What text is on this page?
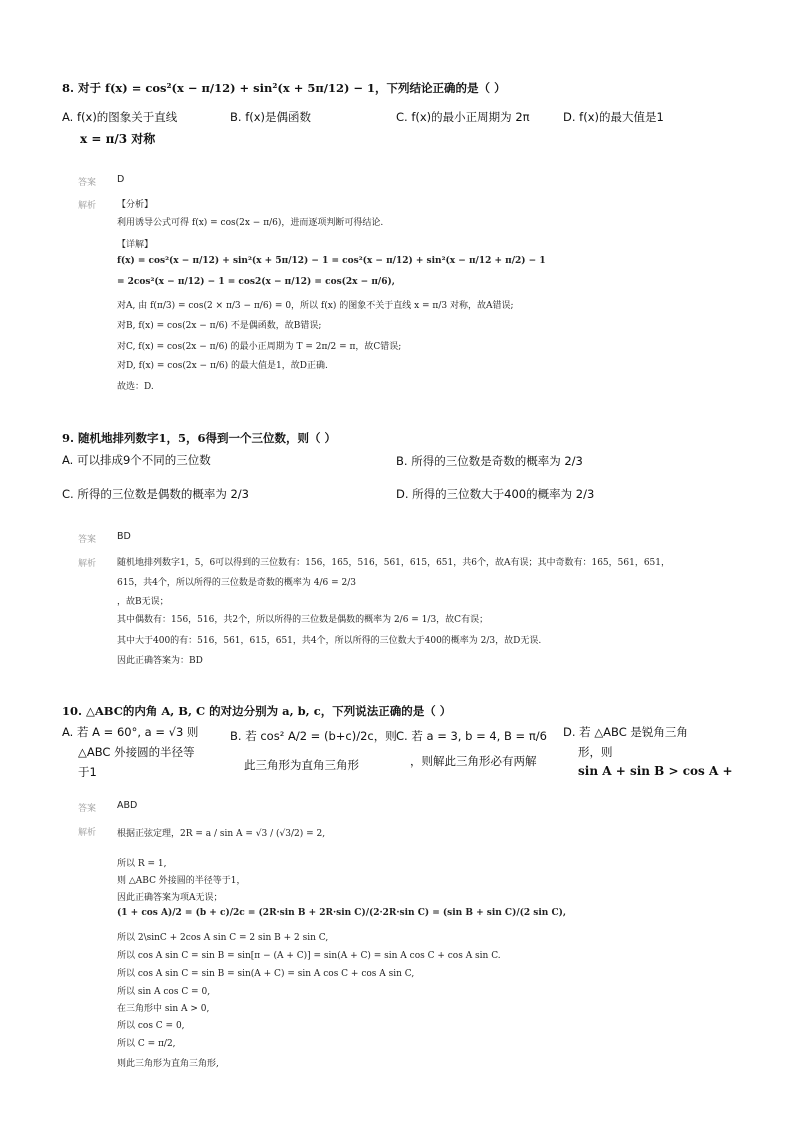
8. 对于 f(x) = cos²(x − π/12) + sin²(x + 5π/12) − 1，下列结论正确的是（ ）
A. f(x)的图象关于直线
x = π/3 对称
B. f(x)是偶函数	C. f(x)的最小正周期为 2π	D. f(x)的最大值是1
答案 D
解析 【分析】
利用诱导公式可得 f(x) = cos(2x − π/6)，进而逐项判断可得结论.
【详解】
f(x) = cos²(x − π/12) + sin²(x + 5π/12) − 1 = cos²(x − π/12) + sin²(x − π/12 + π/2) − 1
= 2cos²(x − π/12) − 1 = cos2(x − π/12) = cos(2x − π/6),
对A, 由 f(π/3) = cos(2 × π/3 − π/6) = 0，所以 f(x) 的图象不关于直线 x = π/3 对称，故A错误;
对B, f(x) = cos(2x − π/6) 不是偶函数，故B错误;
对C, f(x) = cos(2x − π/6) 的最小正周期为 T = 2π/2 = π，故C错误;
对D, f(x) = cos(2x − π/6) 的最大值是1，故D正确.
故选：D.
9. 随机地排列数字1，5，6得到一个三位数，则（ ）
A. 可以排成9个不同的三位数	B. 所得的三位数是奇数的概率为 2/3
C. 所得的三位数是偶数的概率为 2/3	D. 所得的三位数大于400的概率为 2/3
答案 BD
解析 随机地排列数字1，5，6可以得到的三位数有：156，165，516，561，615，651，共6个，故A有误；其中奇数有：165，561，651，
615，共4个，所以所得的三位数是奇数的概率为 4/6 = 2/3
，故B无误；
其中偶数有：156，516，共2个，所以所得的三位数是偶数的概率为 2/6 = 1/3，故C有误；
其中大于400的有：516，561，615，651，共4个，所以所得的三位数大于400的概率为 2/3，故D无误.
因此正确答案为：BD
10. △ABC的内角 A, B, C 的对边分别为 a, b, c，下列说法正确的是（ ）
A. 若 A = 60°, a = √3 则
△ABC 外接圆的半径等
于1
B. 若 cos² A/2 = (b+c)/2c，则
此三角形为直角三角形
C. 若 a = 3, b = 4, B = π/6
，则解此三角形必有两解
D. 若 △ABC 是锐角三角
形，则
sin A + sin B > cos A +
答案 ABD
解析 根据正弦定理，2R = a / sin A = √3 / (√3/2) = 2,
所以 R = 1,
则 △ABC 外接圆的半径等于1，
因此正确答案为项A无误；
(1 + cos A)/2 = (b + c)/2c = (2R·sin B + 2R·sin C)/(2·2R·sin C) = (sin B + sin C)/(2 sin C),
所以 2\sinC + 2cos A sin C = 2 sin B + 2 sin C,
所以 cos A sin C = sin B = sin[π − (A + C)] = sin(A + C) = sin A cos C + cos A sin C.
所以 cos A sin C = sin B = sin(A + C) = sin A cos C + cos A sin C,
所以 sin A cos C = 0,
在三角形中 sin A > 0,
所以 cos C = 0,
所以 C = π/2,
则此三角形为直角三角形,
